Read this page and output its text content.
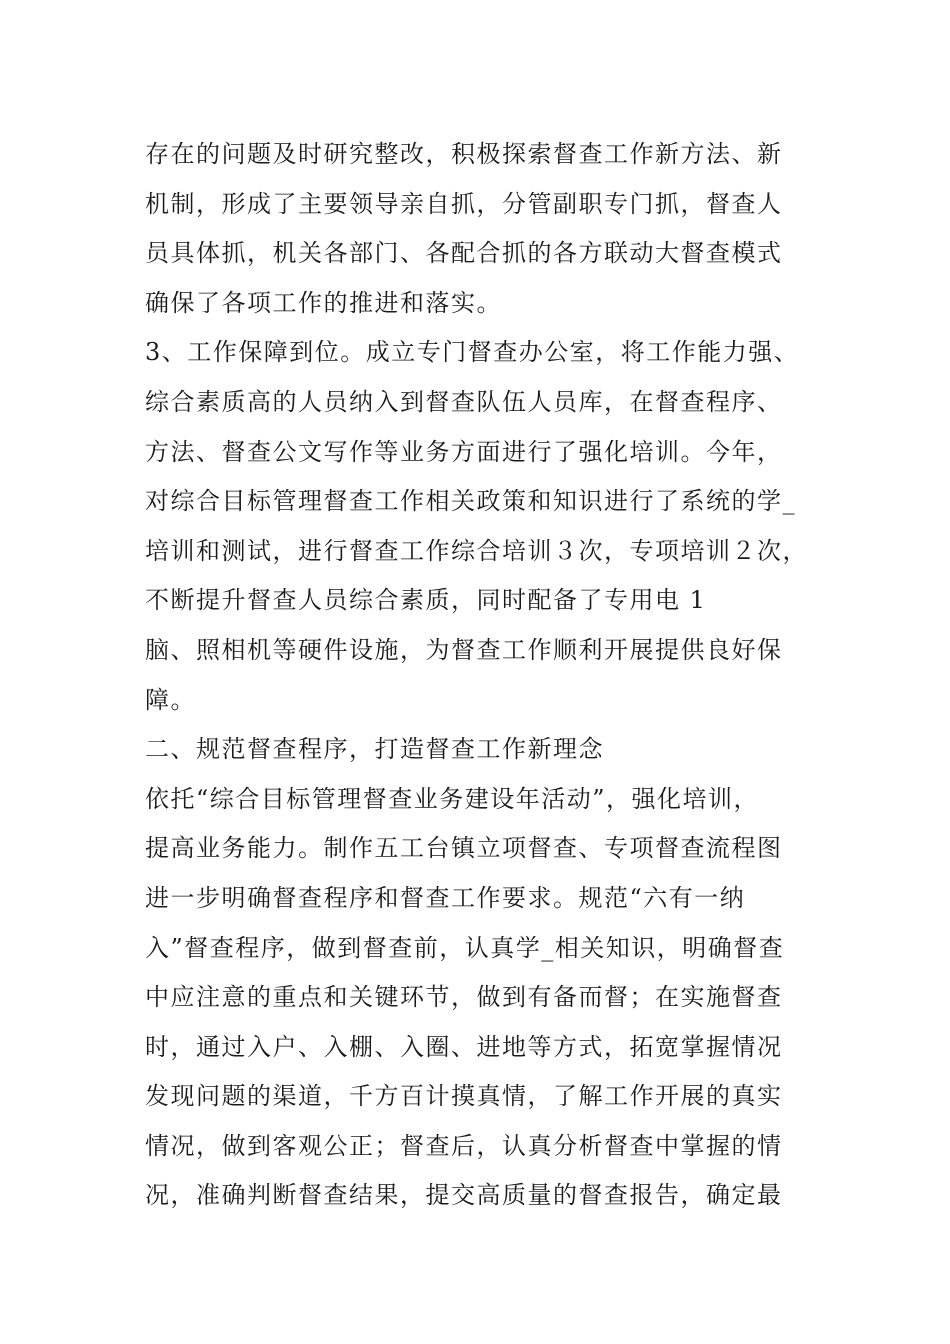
存在的问题及时研究整改，积极探索督查工作新方法、新
机制，形成了主要领导亲自抓，分管副职专门抓，督查人
员具体抓，机关各部门、各配合抓的各方联动大督查模式
确保了各项工作的推进和落实。
3、工作保障到位。成立专门督查办公室，将工作能力强、
综合素质高的人员纳入到督查队伍人员库，在督查程序、
方法、督查公文写作等业务方面进行了强化培训。今年，
对综合目标管理督查工作相关政策和知识进行了系统的学_
培训和测试，进行督查工作综合培训３次，专项培训２次，
不断提升督查人员综合素质，同时配备了专用电 1
脑、照相机等硬件设施，为督查工作顺利开展提供良好保
障。
二、规范督查程序，打造督查工作新理念
依托“综合目标管理督查业务建设年活动”，强化培训，
提高业务能力。制作五工台镇立项督查、专项督查流程图
进一步明确督查程序和督查工作要求。规范“六有一纳
入”督查程序，做到督查前，认真学_相关知识，明确督查
中应注意的重点和关键环节，做到有备而督；在实施督查
时，通过入户、入棚、入圈、进地等方式，拓宽掌握情况
发现问题的渠道，千方百计摸真情，了解工作开展的真实
情况，做到客观公正；督查后，认真分析督查中掌握的情
况，准确判断督查结果，提交高质量的督查报告，确定最
